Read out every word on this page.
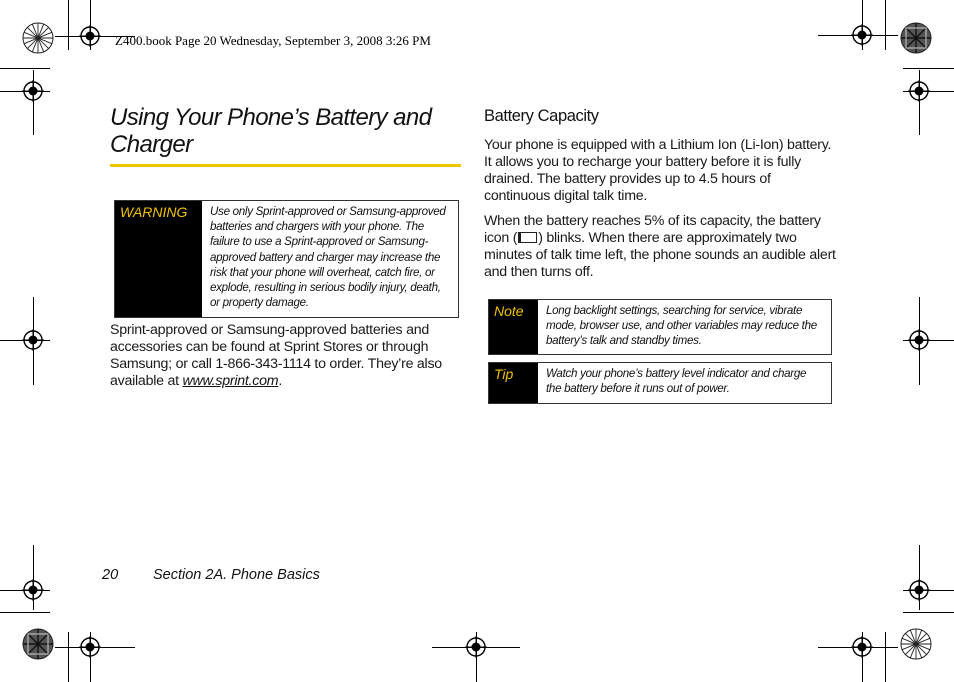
Z400.book Page 20 Wednesday, September 3, 2008 3:26 PM
Using Your Phone’s Battery and Charger
WARNING	Use only Sprint-approved or Samsung-approved batteries and chargers with your phone. The failure to use a Sprint-approved or Samsung-approved battery and charger may increase the risk that your phone will overheat, catch fire, or explode, resulting in serious bodily injury, death, or property damage.
Sprint-approved or Samsung-approved batteries and accessories can be found at Sprint Stores or through Samsung; or call 1-866-343-1114 to order. They’re also available at www.sprint.com.
Battery Capacity
Your phone is equipped with a Lithium Ion (Li-Ion) battery. It allows you to recharge your battery before it is fully drained. The battery provides up to 4.5 hours of continuous digital talk time.
When the battery reaches 5% of its capacity, the battery icon ( ) blinks. When there are approximately two minutes of talk time left, the phone sounds an audible alert and then turns off.
Note	Long backlight settings, searching for service, vibrate mode, browser use, and other variables may reduce the battery’s talk and standby times.
Tip	Watch your phone’s battery level indicator and charge the battery before it runs out of power.
20 Section 2A. Phone Basics
